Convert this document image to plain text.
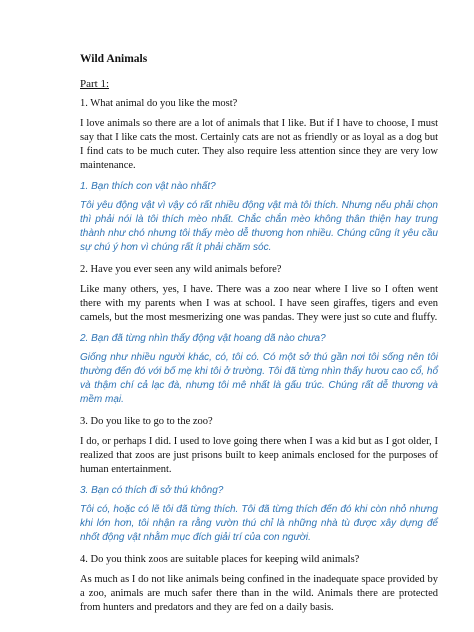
Wild Animals
Part 1:
1. What animal do you like the most?
I love animals so there are a lot of animals that I like. But if I have to choose, I must say that I like cats the most. Certainly cats are not as friendly or as loyal as a dog but I find cats to be much cuter. They also require less attention since they are very low maintenance.
1. Bạn thích con vật nào nhất?
Tôi yêu động vật vì vậy có rất nhiều động vật mà tôi thích. Nhưng nếu phải chọn thì phải nói là tôi thích mèo nhất. Chắc chắn mèo không thân thiện hay trung thành như chó nhưng tôi thấy mèo dễ thương hơn nhiều. Chúng cũng ít yêu cầu sự chú ý hơn vì chúng rất ít phải chăm sóc.
2. Have you ever seen any wild animals before?
Like many others, yes, I have. There was a zoo near where I live so I often went there with my parents when I was at school. I have seen giraffes, tigers and even camels, but the most mesmerizing one was pandas. They were just so cute and fluffy.
2. Bạn đã từng nhìn thấy động vật hoang dã nào chưa?
Giống như nhiều người khác, có, tôi có. Có một sở thú gần nơi tôi sống nên tôi thường đến đó với bố mẹ khi tôi ở trường. Tôi đã từng nhìn thấy hươu cao cổ, hổ và thậm chí cả lạc đà, nhưng tôi mê nhất là gấu trúc. Chúng rất dễ thương và mềm mại.
3. Do you like to go to the zoo?
I do, or perhaps I did. I used to love going there when I was a kid but as I got older, I realized that zoos are just prisons built to keep animals enclosed for the purposes of human entertainment.
3. Bạn có thích đi sở thú không?
Tôi có, hoặc có lẽ tôi đã từng thích. Tôi đã từng thích đến đó khi còn nhỏ nhưng khi lớn hơn, tôi nhận ra rằng vườn thú chỉ là những nhà tù được xây dựng để nhốt động vật nhằm mục đích giải trí của con người.
4. Do you think zoos are suitable places for keeping wild animals?
As much as I do not like animals being confined in the inadequate space provided by a zoo, animals are much safer there than in the wild. Animals there are protected from hunters and predators and they are fed on a daily basis.
